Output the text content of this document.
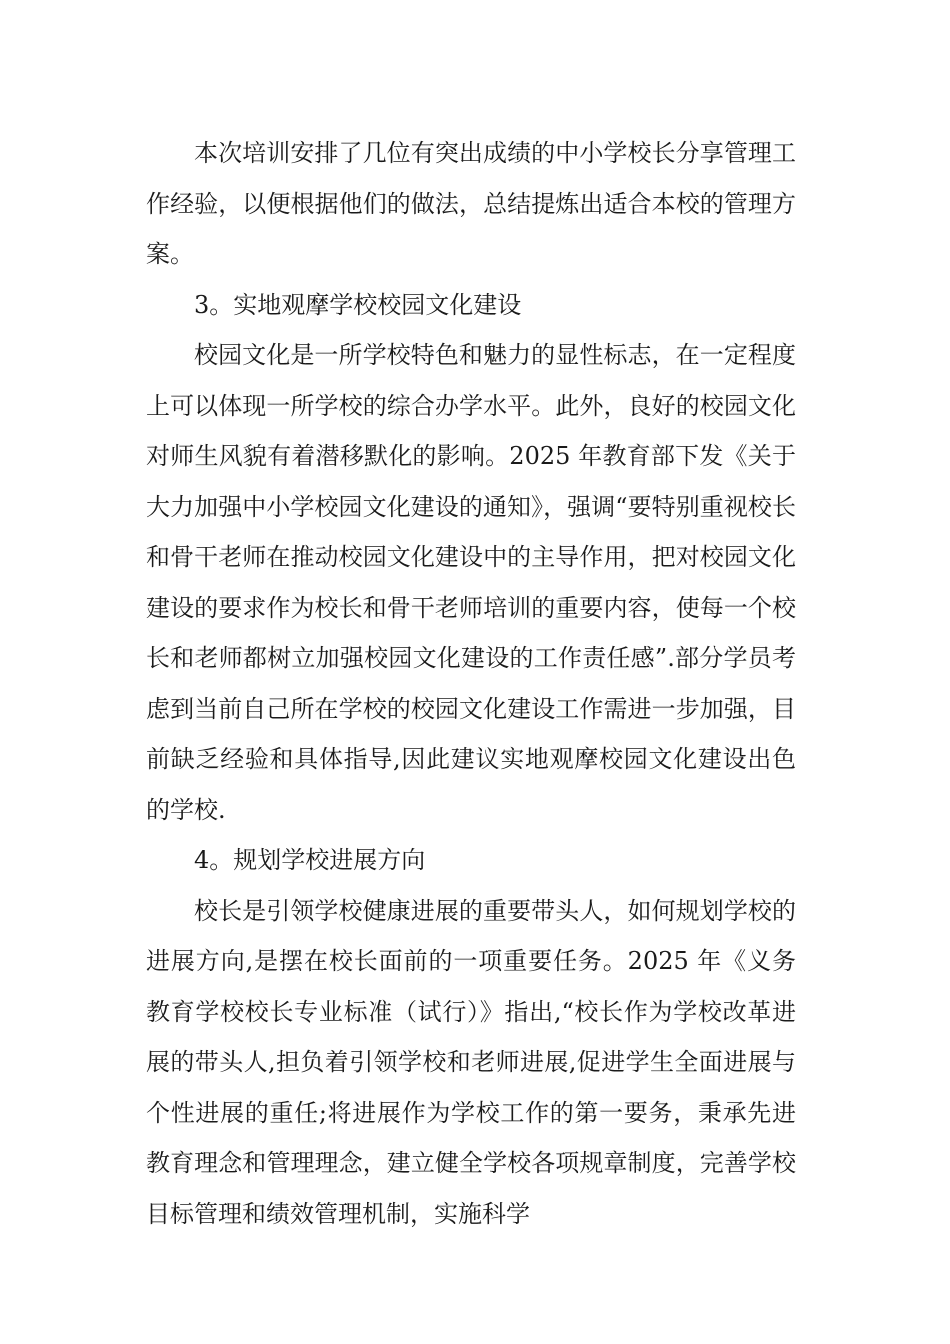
本次培训安排了几位有突出成绩的中小学校长分享管理工作经验，以便根据他们的做法，总结提炼出适合本校的管理方案。

3。实地观摩学校校园文化建设

校园文化是一所学校特色和魅力的显性标志，在一定程度上可以体现一所学校的综合办学水平。此外，良好的校园文化对师生风貌有着潜移默化的影响。2025 年教育部下发《关于大力加强中小学校园文化建设的通知》，强调“要特别重视校长和骨干老师在推动校园文化建设中的主导作用，把对校园文化建设的要求作为校长和骨干老师培训的重要内容，使每一个校长和老师都树立加强校园文化建设的工作责任感”.部分学员考虑到当前自己所在学校的校园文化建设工作需进一步加强，目前缺乏经验和具体指导,因此建议实地观摩校园文化建设出色的学校.

4。规划学校进展方向

校长是引领学校健康进展的重要带头人，如何规划学校的进展方向,是摆在校长面前的一项重要任务。2025 年《义务教育学校校长专业标准（试行）》指出,“校长作为学校改革进展的带头人,担负着引领学校和老师进展,促进学生全面进展与个性进展的重任;将进展作为学校工作的第一要务，秉承先进教育理念和管理理念，建立健全学校各项规章制度，完善学校目标管理和绩效管理机制，实施科学
